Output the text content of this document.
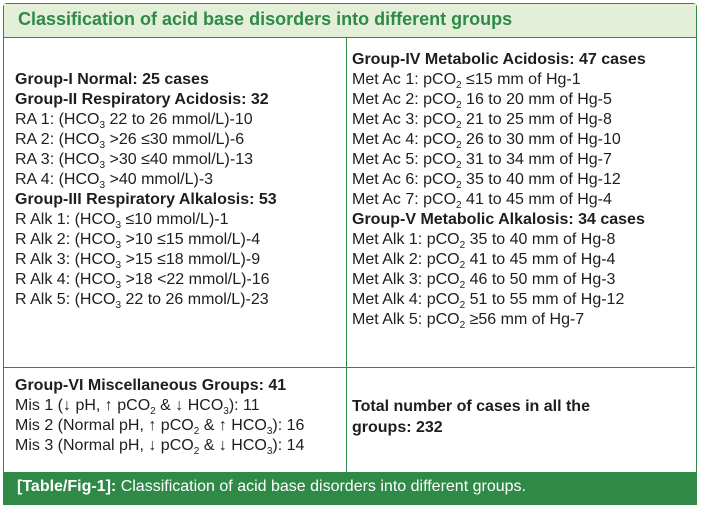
Classification of acid base disorders into different groups
Group-I Normal: 25 cases
Group-II Respiratory Acidosis: 32
RA 1: ($HCO_3$ 22 to 26 mmol/L)-10
RA 2: ($HCO_3 >26 \le 30$ mmol/L)-6
RA 3: ($HCO_3 >30 \le 40$ mmol/L)-13
RA 4: ($HCO_3 >40$ mmol/L)-3
Group-III Respiratory Alkalosis: 53
R Alk 1: ($HCO_3 \le 10$ mmol/L)-1
R Alk 2: ($HCO_3 >10 \le 15$ mmol/L)-4
R Alk 3: ($HCO_3 >15 \le 18$ mmol/L)-9
R Alk 4: ($HCO_3 >18 <22$ mmol/L)-16
R Alk 5: ($HCO_3$ 22 to 26 mmol/L)-23
Group-IV Metabolic Acidosis: 47 cases
Met Ac 1: pCO$_2$ ≤15 mm of Hg-1
Met Ac 2: pCO$_2$ 16 to 20 mm of Hg-5
Met Ac 3: pCO$_2$ 21 to 25 mm of Hg-8
Met Ac 4: pCO$_2$ 26 to 30 mm of Hg-10
Met Ac 5: pCO$_2$ 31 to 34 mm of Hg-7
Met Ac 6: pCO$_2$ 35 to 40 mm of Hg-12
Met Ac 7: pCO$_2$ 41 to 45 mm of Hg-4
Group-V Metabolic Alkalosis: 34 cases
Met Alk 1: pCO$_2$ 35 to 40 mm of Hg-8
Met Alk 2: pCO$_2$ 41 to 45 mm of Hg-4
Met Alk 3: pCO$_2$ 46 to 50 mm of Hg-3
Met Alk 4: pCO$_2$ 51 to 55 mm of Hg-12
Met Alk 5: pCO$_2$ ≥56 mm of Hg-7
Group-VI Miscellaneous Groups: 41
Mis 1 (↓ pH, ↑ pCO$_2$ & ↓ $HCO_3$): 11
Mis 2 (Normal pH, ↑ pCO$_2$ & ↑ $HCO_3$): 16
Mis 3 (Normal pH, ↓ pCO$_2$ & ↓ $HCO_3$): 14
Total number of cases in all the
groups: 232
[Table/Fig-1]: Classification of acid base disorders into different groups.
